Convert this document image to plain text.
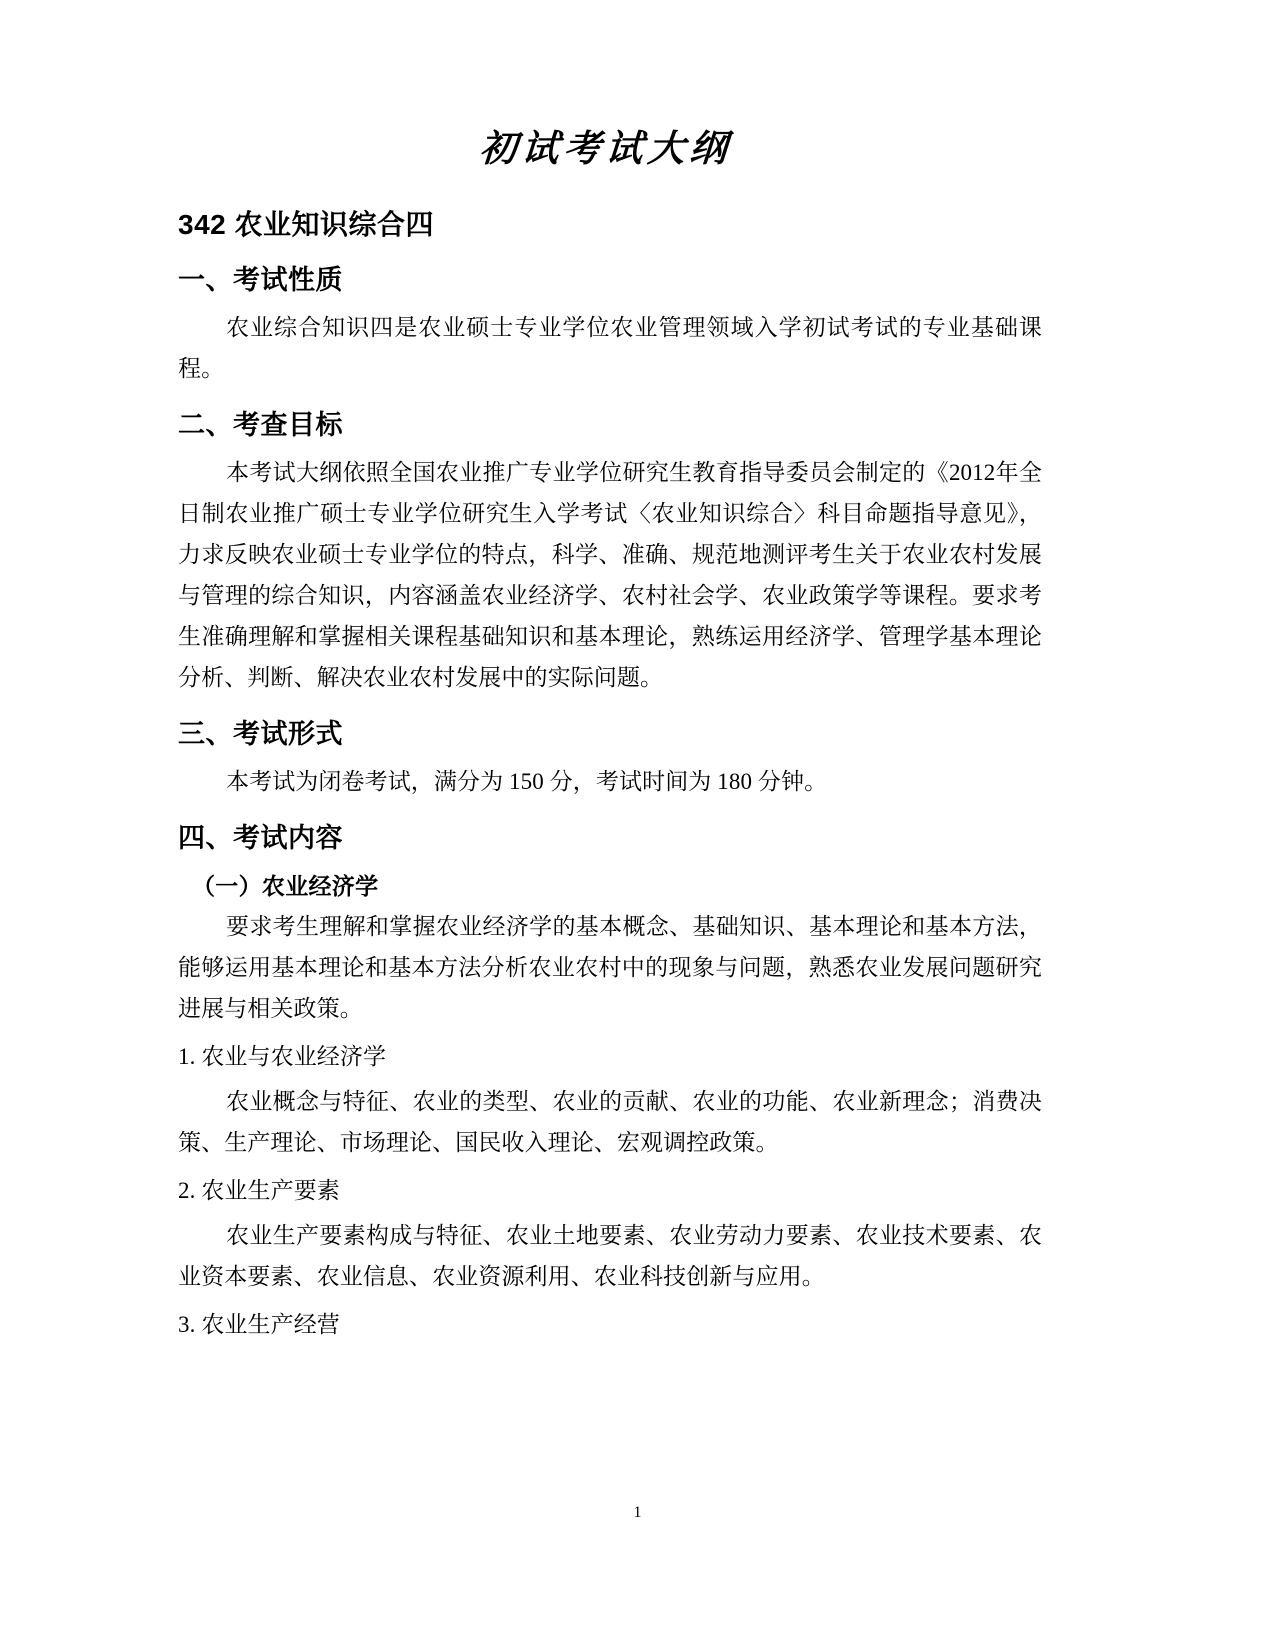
初试考试大纲
342 农业知识综合四
一、考试性质

农业综合知识四是农业硕士专业学位农业管理领域入学初试考试的专业基础课程。

二、考查目标

本考试大纲依照全国农业推广专业学位研究生教育指导委员会制定的《2012年全日制农业推广硕士专业学位研究生入学考试〈农业知识综合〉科目命题指导意见》，力求反映农业硕士专业学位的特点，科学、准确、规范地测评考生关于农业农村发展与管理的综合知识，内容涵盖农业经济学、农村社会学、农业政策学等课程。要求考生准确理解和掌握相关课程基础知识和基本理论，熟练运用经济学、管理学基本理论分析、判断、解决农业农村发展中的实际问题。

三、考试形式

本考试为闭卷考试，满分为 150 分，考试时间为 180 分钟。

四、考试内容
（一）农业经济学

要求考生理解和掌握农业经济学的基本概念、基础知识、基本理论和基本方法，能够运用基本理论和基本方法分析农业农村中的现象与问题，熟悉农业发展问题研究进展与相关政策。

1. 农业与农业经济学

农业概念与特征、农业的类型、农业的贡献、农业的功能、农业新理念；消费决策、生产理论、市场理论、国民收入理论、宏观调控政策。

2. 农业生产要素

农业生产要素构成与特征、农业土地要素、农业劳动力要素、农业技术要素、农业资本要素、农业信息、农业资源利用、农业科技创新与应用。

3. 农业生产经营

1
